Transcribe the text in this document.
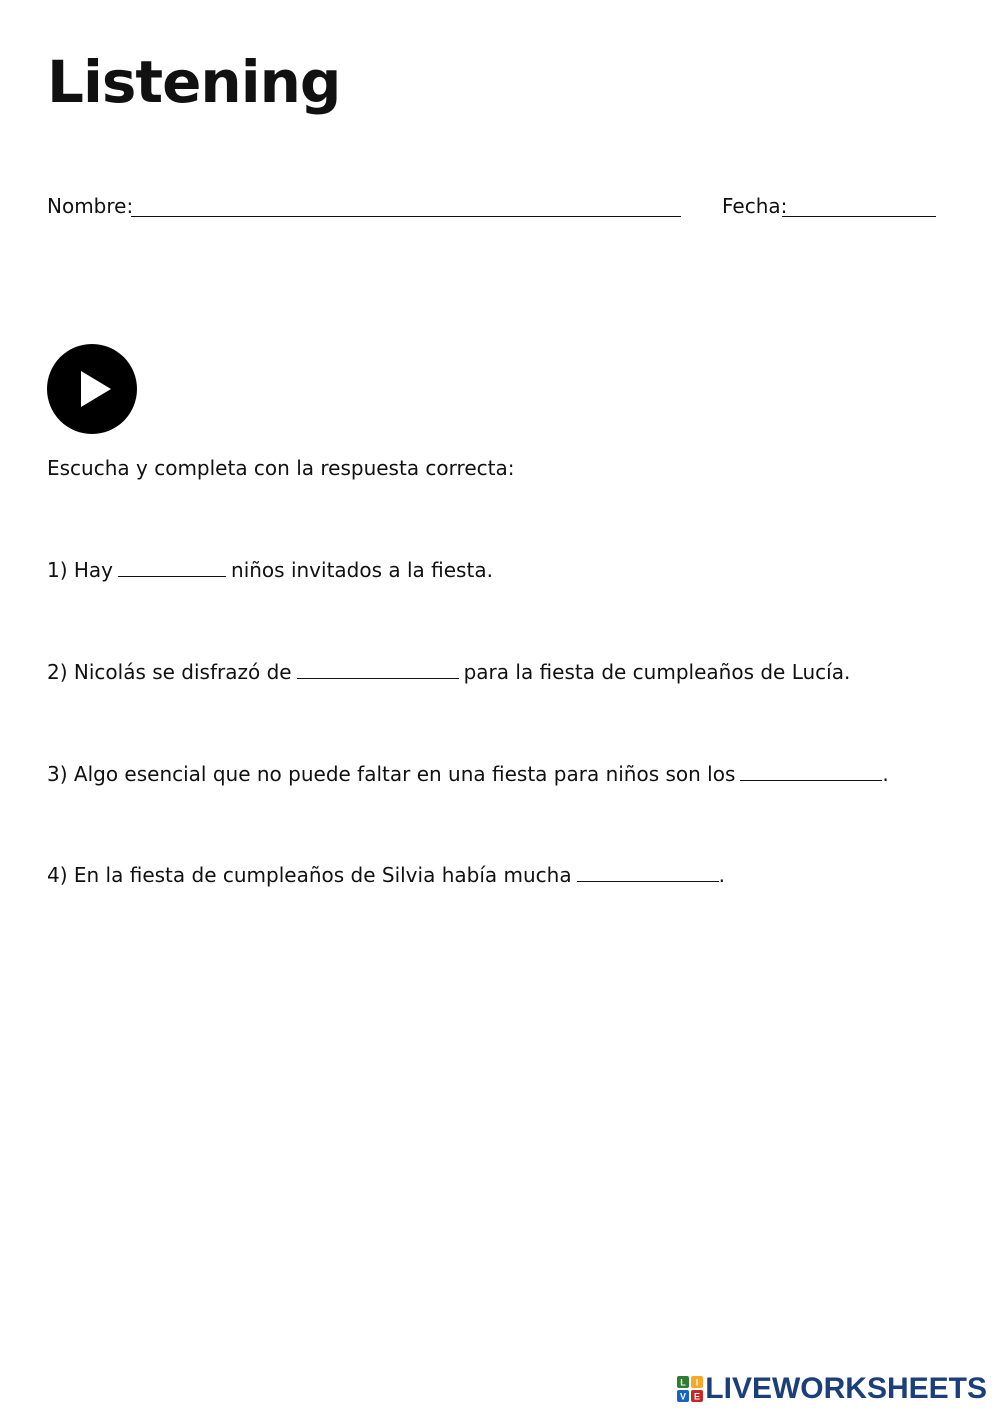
Listening
Nombre:	Fecha:
Escucha y completa con la respuesta correcta:
1) Hay	niños invitados a la fiesta.
2) Nicolás se disfrazó de	para la fiesta de cumpleaños de Lucía.
3) Algo esencial que no puede faltar en una fiesta para niños son los	.
4) En la fiesta de cumpleaños de Silvia había mucha	.
L I
V E LIVEWORKSHEETS
